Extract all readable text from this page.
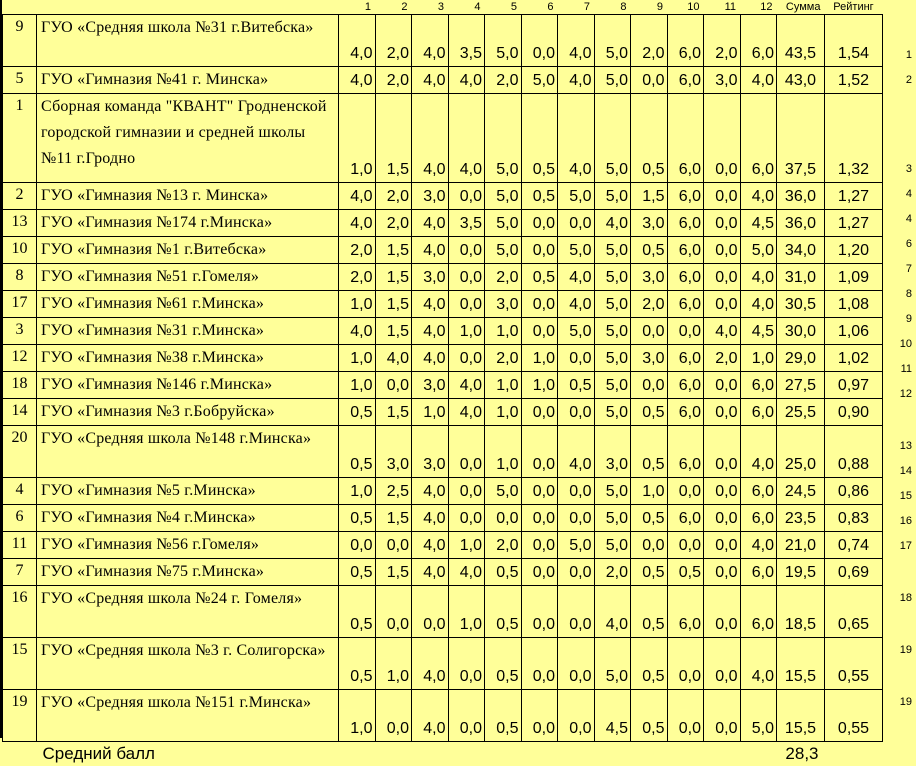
		1	2	3	4	5	6	7	8	9	10	11	12	Сумма	Рейтинг
9	ГУО «Средняя школа №31 г.Витебска»	4,0	2,0	4,0	3,5	5,0	0,0	4,0	5,0	2,0	6,0	2,0	6,0	43,5	1,54
5	ГУО «Гимназия №41 г. Минска»	4,0	2,0	4,0	4,0	2,0	5,0	4,0	5,0	0,0	6,0	3,0	4,0	43,0	1,52
1	Сборная команда "КВАНТ" Гродненской городской гимназии и средней школы №11 г.Гродно	1,0	1,5	4,0	4,0	5,0	0,5	4,0	5,0	0,5	6,0	0,0	6,0	37,5	1,32
2	ГУО «Гимназия №13 г. Минска»	4,0	2,0	3,0	0,0	5,0	0,5	5,0	5,0	1,5	6,0	0,0	4,0	36,0	1,27
13	ГУО «Гимназия №174 г.Минска»	4,0	2,0	4,0	3,5	5,0	0,0	0,0	4,0	3,0	6,0	0,0	4,5	36,0	1,27
10	ГУО «Гимназия №1 г.Витебска»	2,0	1,5	4,0	0,0	5,0	0,0	5,0	5,0	0,5	6,0	0,0	5,0	34,0	1,20
8	ГУО «Гимназия №51 г.Гомеля»	2,0	1,5	3,0	0,0	2,0	0,5	4,0	5,0	3,0	6,0	0,0	4,0	31,0	1,09
17	ГУО «Гимназия №61 г.Минска»	1,0	1,5	4,0	0,0	3,0	0,0	4,0	5,0	2,0	6,0	0,0	4,0	30,5	1,08
3	ГУО «Гимназия №31 г.Минска»	4,0	1,5	4,0	1,0	1,0	0,0	5,0	5,0	0,0	0,0	4,0	4,5	30,0	1,06
12	ГУО «Гимназия №38 г.Минска»	1,0	4,0	4,0	0,0	2,0	1,0	0,0	5,0	3,0	6,0	2,0	1,0	29,0	1,02
18	ГУО «Гимназия №146 г.Минска»	1,0	0,0	3,0	4,0	1,0	1,0	0,5	5,0	0,0	6,0	0,0	6,0	27,5	0,97
14	ГУО «Гимназия №3 г.Бобруйска»	0,5	1,5	1,0	4,0	1,0	0,0	0,0	5,0	0,5	6,0	0,0	6,0	25,5	0,90
20	ГУО «Средняя школа №148 г.Минска»	0,5	3,0	3,0	0,0	1,0	0,0	4,0	3,0	0,5	6,0	0,0	4,0	25,0	0,88
4	ГУО «Гимназия №5 г.Минска»	1,0	2,5	4,0	0,0	5,0	0,0	0,0	5,0	1,0	0,0	0,0	6,0	24,5	0,86
6	ГУО «Гимназия №4 г.Минска»	0,5	1,5	4,0	0,0	0,0	0,0	0,0	5,0	0,5	6,0	0,0	6,0	23,5	0,83
11	ГУО «Гимназия №56 г.Гомеля»	0,0	0,0	4,0	1,0	2,0	0,0	5,0	5,0	0,0	0,0	0,0	4,0	21,0	0,74
7	ГУО «Гимназия №75 г.Минска»	0,5	1,5	4,0	4,0	0,5	0,0	0,0	2,0	0,5	0,5	0,0	6,0	19,5	0,69
16	ГУО «Средняя школа №24 г. Гомеля»	0,5	0,0	0,0	1,0	0,5	0,0	0,0	4,0	0,5	6,0	0,0	6,0	18,5	0,65
15	ГУО «Средняя школа №3 г. Солигорска»	0,5	1,0	4,0	0,0	0,5	0,0	0,0	5,0	0,5	0,0	0,0	4,0	15,5	0,55
19	ГУО «Средняя школа №151 г.Минска»	1,0	0,0	4,0	0,0	0,5	0,0	0,0	4,5	0,5	0,0	0,0	5,0	15,5	0,55
Средний балл														28,3	
1
2
3
4
4
6
7
8
9
10
11
12
13
14
15
16
17
18
19
19
